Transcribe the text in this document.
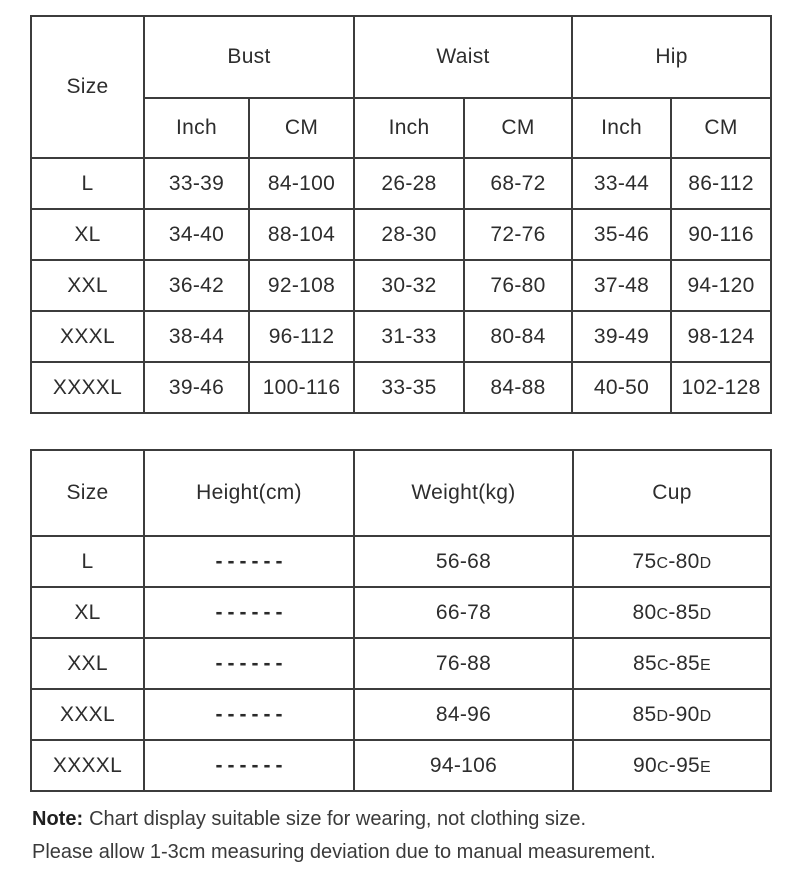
Size	Bust		Waist		Hip	
	Inch	CM	Inch	CM	Inch	CM
L	33-39	84-100	26-28	68-72	33-44	86-112
XL	34-40	88-104	28-30	72-76	35-46	90-116
XXL	36-42	92-108	30-32	76-80	37-48	94-120
XXXL	38-44	96-112	31-33	80-84	39-49	98-124
XXXXL	39-46	100-116	33-35	84-88	40-50	102-128
Size	Height(cm)	Weight(kg)	Cup
L	------	56-68	75C-80D
XL	------	66-78	80C-85D
XXL	------	76-88	85C-85E
XXXL	------	84-96	85D-90D
XXXXL	------	94-106	90C-95E

Note: Chart display suitable size for wearing, not clothing size.

Please allow 1-3cm measuring deviation due to manual measurement.
